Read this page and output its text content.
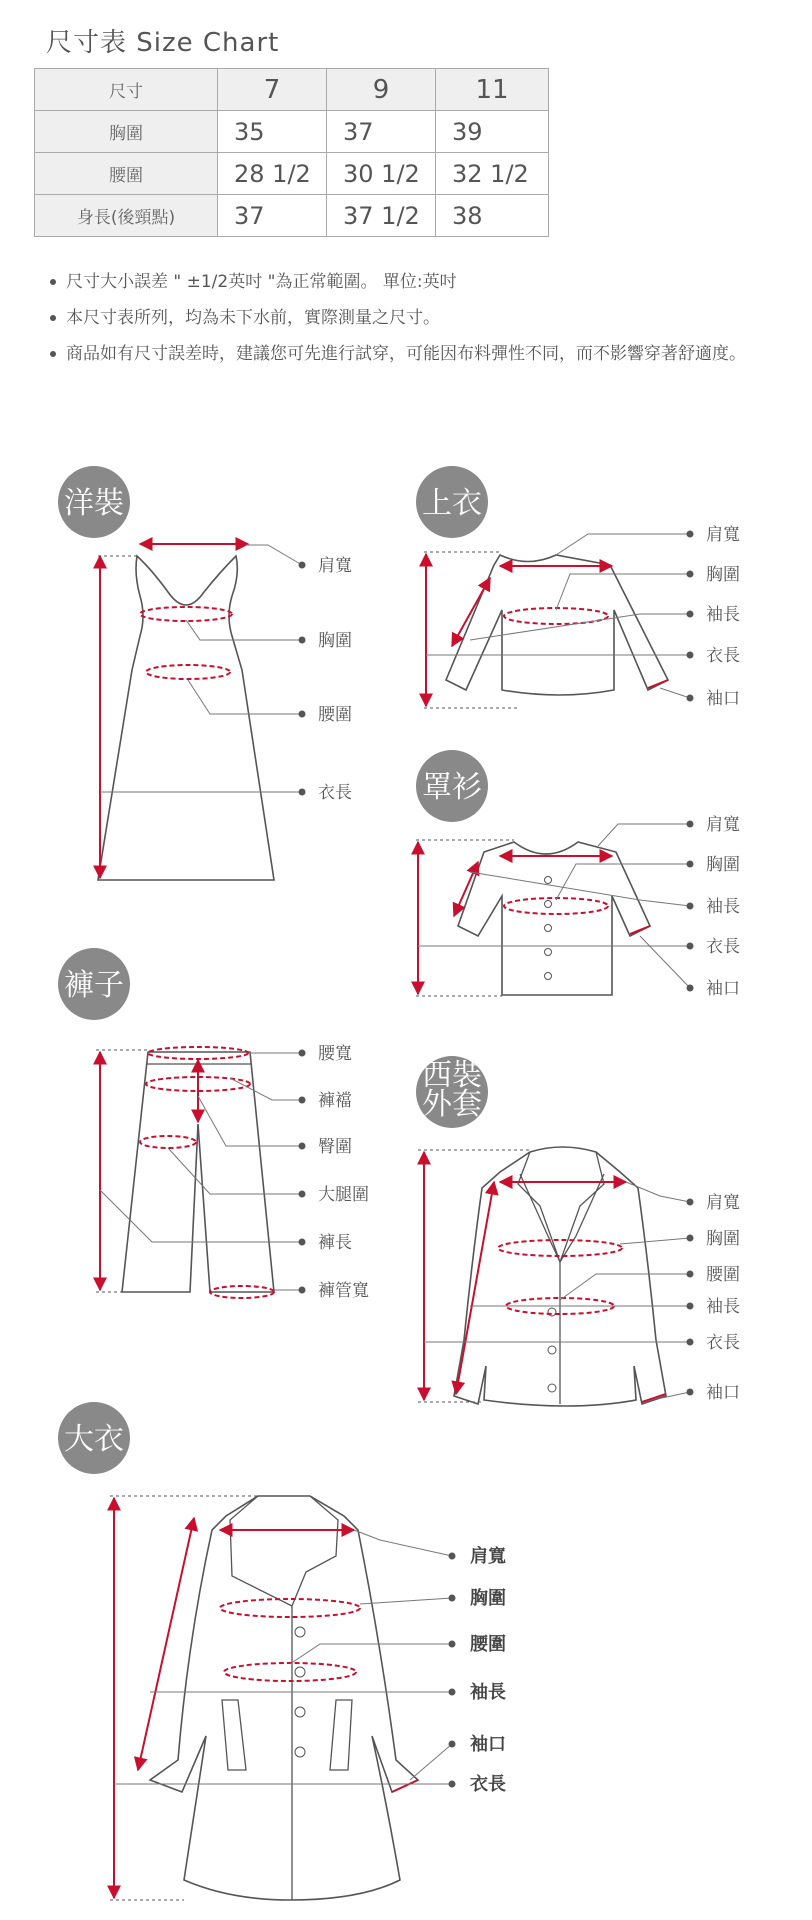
尺寸表 Size Chart
尺寸	7	9	11
胸圍	35	37	39
腰圍	28 1/2	30 1/2	32 1/2
身長(後頸點)	37	37 1/2	38
尺寸大小誤差 " ±1/2英吋 "為正常範圍。 單位:英吋
本尺寸表所列，均為未下水前，實際測量之尺寸。
商品如有尺寸誤差時，建議您可先進行試穿，可能因布料彈性不同，而不影響穿著舒適度。
洋裝
肩寬
胸圍
腰圍
衣長
上衣
肩寬
胸圍
袖長
衣長
袖口
罩衫
肩寬
胸圍
袖長
衣長
袖口
褲子
腰寬
褲襠
臀圍
大腿圍
褲長
褲管寬
西裝
外套
肩寬
胸圍
腰圍
袖長
衣長
袖口
大衣
肩寬
胸圍
腰圍
袖長
袖口
衣長
